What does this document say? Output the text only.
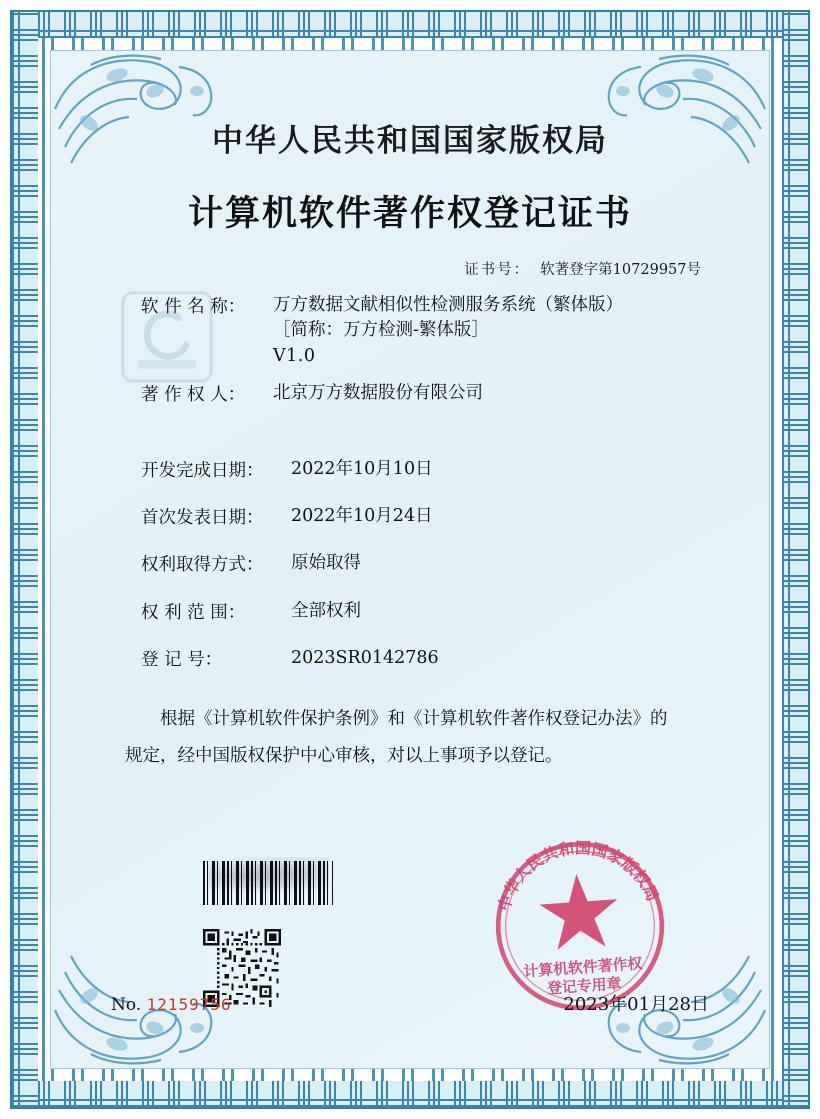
中华人民共和国国家版权局
计算机软件著作权登记证书
证书号： 软著登字第10729957号
软 件 名 称：	万方数据文献相似性检测服务系统（繁体版）
［简称：万方检测-繁体版］
V1.0
著 作 权 人：	北京万方数据股份有限公司
开发完成日期：	2022年10月10日
首次发表日期：	2022年10月24日
权利取得方式：	原始取得
权 利 范 围：	全部权利
登 记 号：	2023SR0142786
根据《计算机软件保护条例》和《计算机软件著作权登记办法》的
规定，经中国版权保护中心审核，对以上事项予以登记。
中华人民共和国国家版权局
计算机软件著作权
登记专用章
No. 12159756	2023年01月28日
